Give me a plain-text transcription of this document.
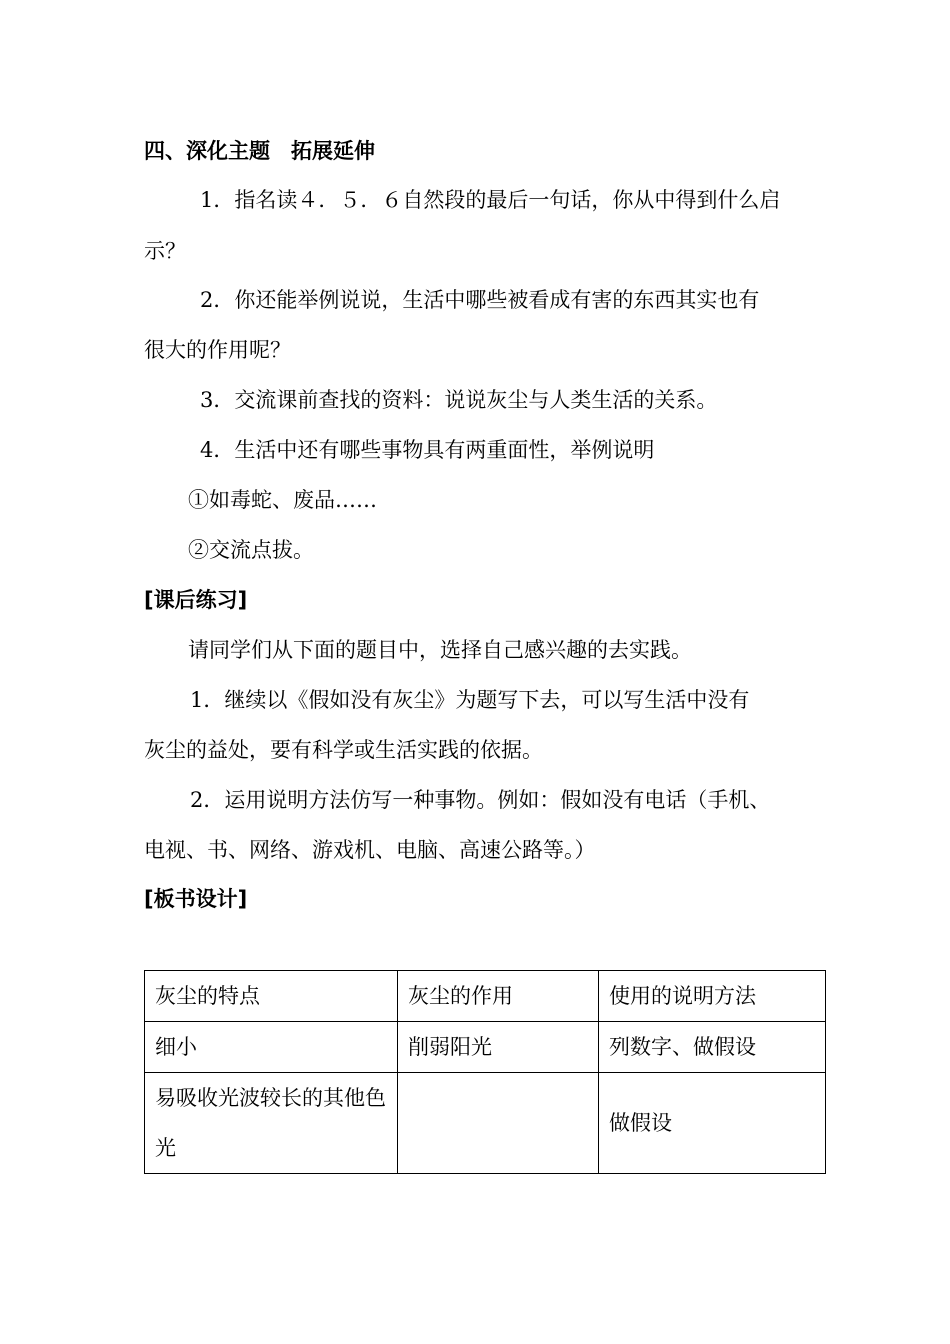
四、深化主题　拓展延伸
1．指名读４．５．６自然段的最后一句话，你从中得到什么启
示？
2．你还能举例说说，生活中哪些被看成有害的东西其实也有
很大的作用呢？
3．交流课前查找的资料：说说灰尘与人类生活的关系。
4．生活中还有哪些事物具有两重面性，举例说明
①如毒蛇、废品……
②交流点拔。
[课后练习]
请同学们从下面的题目中，选择自己感兴趣的去实践。
1．继续以《假如没有灰尘》为题写下去，可以写生活中没有
灰尘的益处，要有科学或生活实践的依据。
2．运用说明方法仿写一种事物。例如：假如没有电话（手机、
电视、书、网络、游戏机、电脑、高速公路等。）
[板书设计]
灰尘的特点	灰尘的作用	使用的说明方法
细小	削弱阳光	列数字、做假设
易吸收光波较长的其他色光		做假设
